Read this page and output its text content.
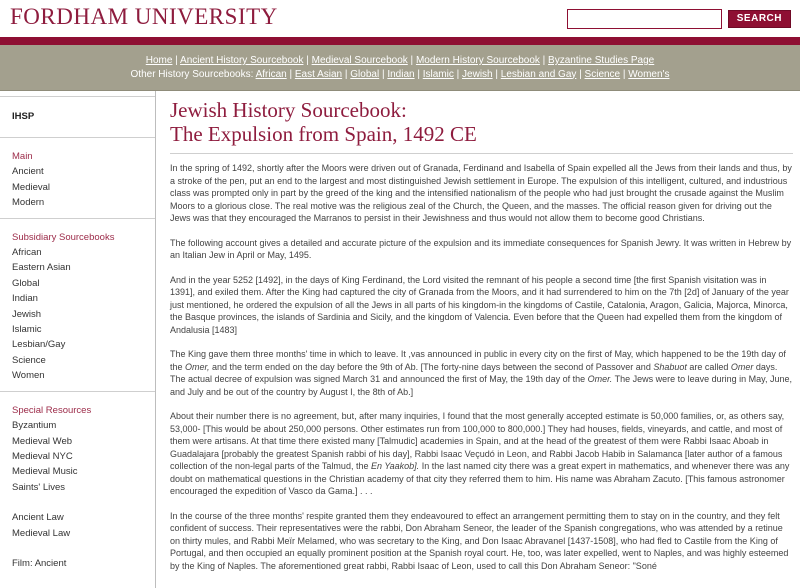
FORDHAM UNIVERSITY	SEARCH
Home | Ancient History Sourcebook | Medieval Sourcebook | Modern History Sourcebook | Byzantine Studies Page
Other History Sourcebooks: African | East Asian | Global | Indian | Islamic | Jewish | Lesbian and Gay | Science | Women's
IHSP
Main
Ancient
Medieval
Modern
Subsidiary Sourcebooks
African
Eastern Asian
Global
Indian
Jewish
Islamic
Lesbian/Gay
Science
Women
Special Resources
Byzantium
Medieval Web
Medieval NYC
Medieval Music
Saints' Lives
Ancient Law
Medieval Law
Film: Ancient
Jewish History Sourcebook:
The Expulsion from Spain, 1492 CE

In the spring of 1492, shortly after the Moors were driven out of Granada, Ferdinand and Isabella of Spain expelled all the Jews from their lands and thus, by a stroke of the pen, put an end to the largest and most distinguished Jewish settlement in Europe. The expulsion of this intelligent, cultured, and industrious class was prompted only in part by the greed of the king and the intensified nationalism of the people who had just brought the crusade against the Muslim Moors to a glorious close. The real motive was the religious zeal of the Church, the Queen, and the masses. The official reason given for driving out the Jews was that they encouraged the Marranos to persist in their Jewishness and thus would not allow them to become good Christians.

The following account gives a detailed and accurate picture of the expulsion and its immediate consequences for Spanish Jewry. It was written in Hebrew by an Italian Jew in April or May, 1495.

And in the year 5252 [1492], in the days of King Ferdinand, the Lord visited the remnant of his people a second time [the first Spanish visitation was in 1391], and exiled them. After the King had captured the city of Granada from the Moors, and it had surrendered to him on the 7th [2d] of January of the year just mentioned, he ordered the expulsion of all the Jews in all parts of his kingdom-in the kingdoms of Castile, Catalonia, Aragon, Galicia, Majorca, Minorca, the Basque provinces, the islands of Sardinia and Sicily, and the kingdom of Valencia. Even before that the Queen had expelled them from the kingdom of Andalusia [1483]

The King gave them three months' time in which to leave. It ,vas announced in public in every city on the first of May, which happened to be the 19th day of the Omer, and the term ended on the day before the 9th of Ab. [The forty-nine days between the second of Passover and Shabuot are called Omer days. The actual decree of expulsion was signed March 31 and announced the first of May, the 19th day of the Omer. The Jews were to leave during in May, June, and July and be out of the country by August I, the 8th of Ab.]

About their number there is no agreement, but, after many inquiries, I found that the most generally accepted estimate is 50,000 families, or, as others say, 53,000- [This would be about 250,000 persons. Other estimates run from 100,000 to 800,000.] They had houses, fields, vineyards, and cattle, and most of them were artisans. At that time there existed many [Talmudic] academies in Spain, and at the head of the greatest of them were Rabbi Isaac Aboab in Guadalajara [probably the greatest Spanish rabbi of his day], Rabbi Isaac Veçudó in Leon, and Rabbi Jacob Habib in Salamanca [later author of a famous collection of the non-legal parts of the Talmud, the En Yaakob]. In the last named city there was a great expert in mathematics, and whenever there was any doubt on mathematical questions in the Christian academy of that city they referred them to him. His name was Abraham Zacuto. [This famous astronomer encouraged the expedition of Vasco da Gama.] . . .

In the course of the three months' respite granted them they endeavoured to effect an arrangement permitting them to stay on in the country, and they felt confident of success. Their representatives were the rabbi, Don Abraham Seneor, the leader of the Spanish congregations, who was attended by a retinue on thirty mules, and Rabbi Meïr Melamed, who was secretary to the King, and Don Isaac Abravanel [1437-1508], who had fled to Castile from the King of Portugal, and then occupied an equally prominent position at the Spanish royal court. He, too, was later expelled, went to Naples, and was highly esteemed by the King of Naples. The aforementioned great rabbi, Rabbi Isaac of Leon, used to call this Don Abraham Seneor: "Soné
